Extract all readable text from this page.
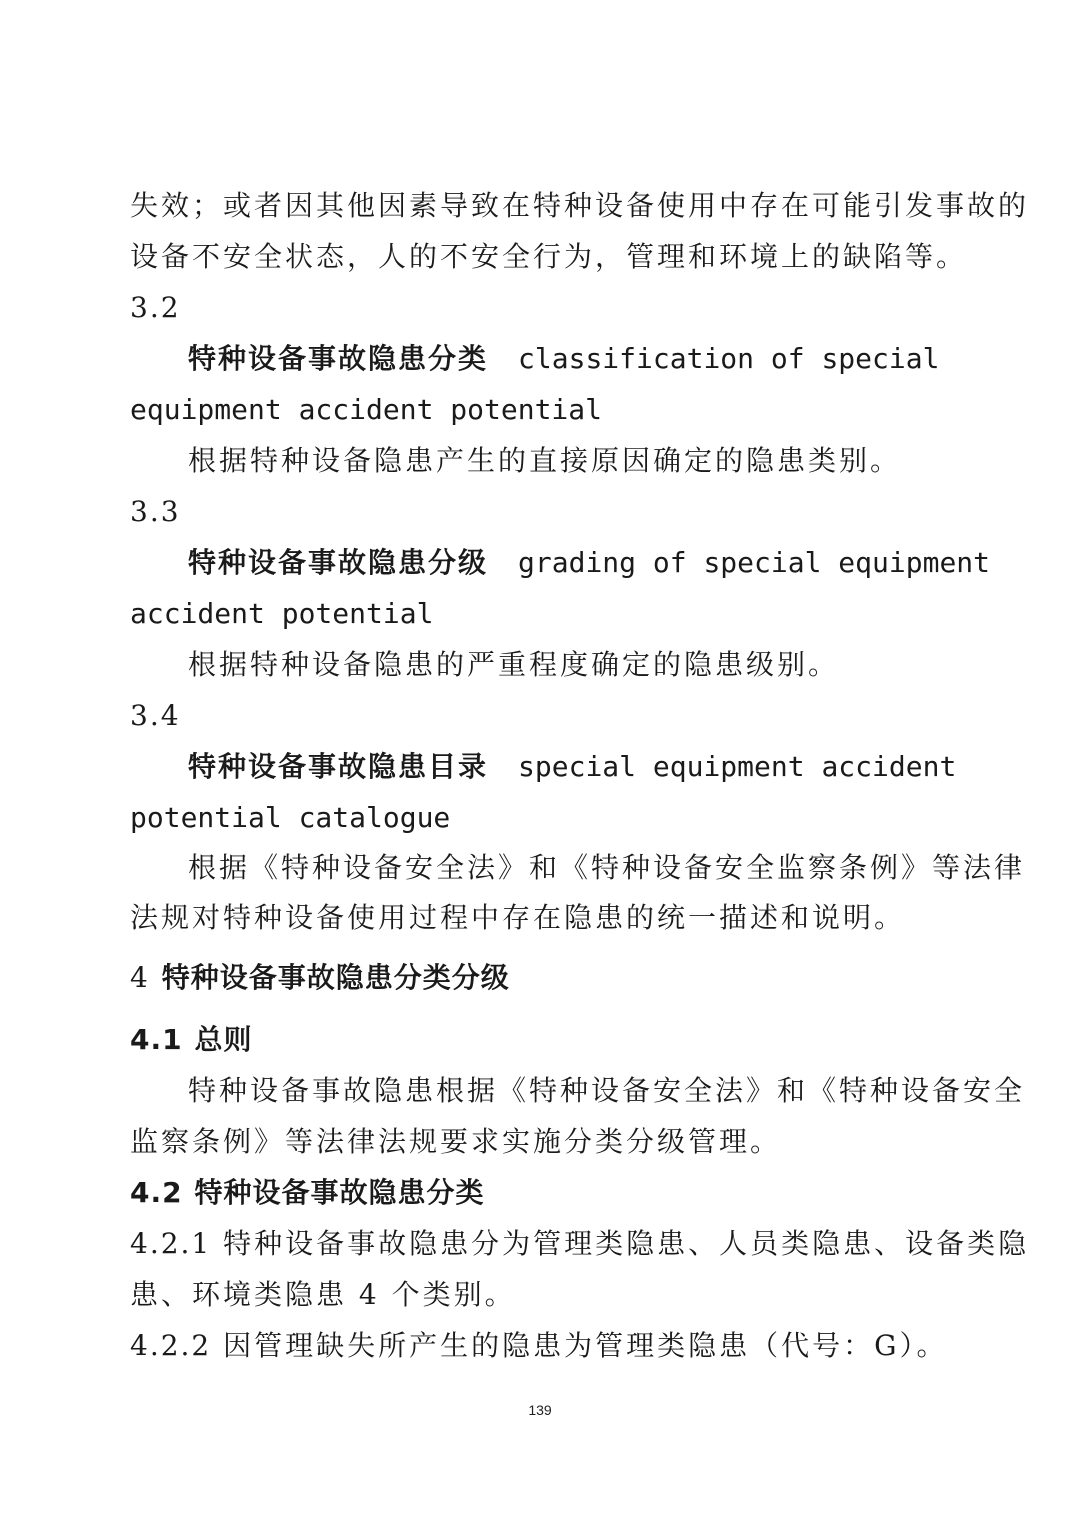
失效；或者因其他因素导致在特种设备使用中存在可能引发事故的
设备不安全状态，人的不安全行为，管理和环境上的缺陷等。
3.2
特种设备事故隐患分类 classification of special
equipment accident potential
根据特种设备隐患产生的直接原因确定的隐患类别。
3.3
特种设备事故隐患分级 grading of special equipment
accident potential
根据特种设备隐患的严重程度确定的隐患级别。
3.4
特种设备事故隐患目录 special equipment accident
potential catalogue
根据《特种设备安全法》和《特种设备安全监察条例》等法律
法规对特种设备使用过程中存在隐患的统一描述和说明。
4 特种设备事故隐患分类分级
4.1 总则
特种设备事故隐患根据《特种设备安全法》和《特种设备安全
监察条例》等法律法规要求实施分类分级管理。
4.2 特种设备事故隐患分类
4.2.1 特种设备事故隐患分为管理类隐患、人员类隐患、设备类隐
患、环境类隐患 4 个类别。
4.2.2 因管理缺失所产生的隐患为管理类隐患（代号：G）。
139
